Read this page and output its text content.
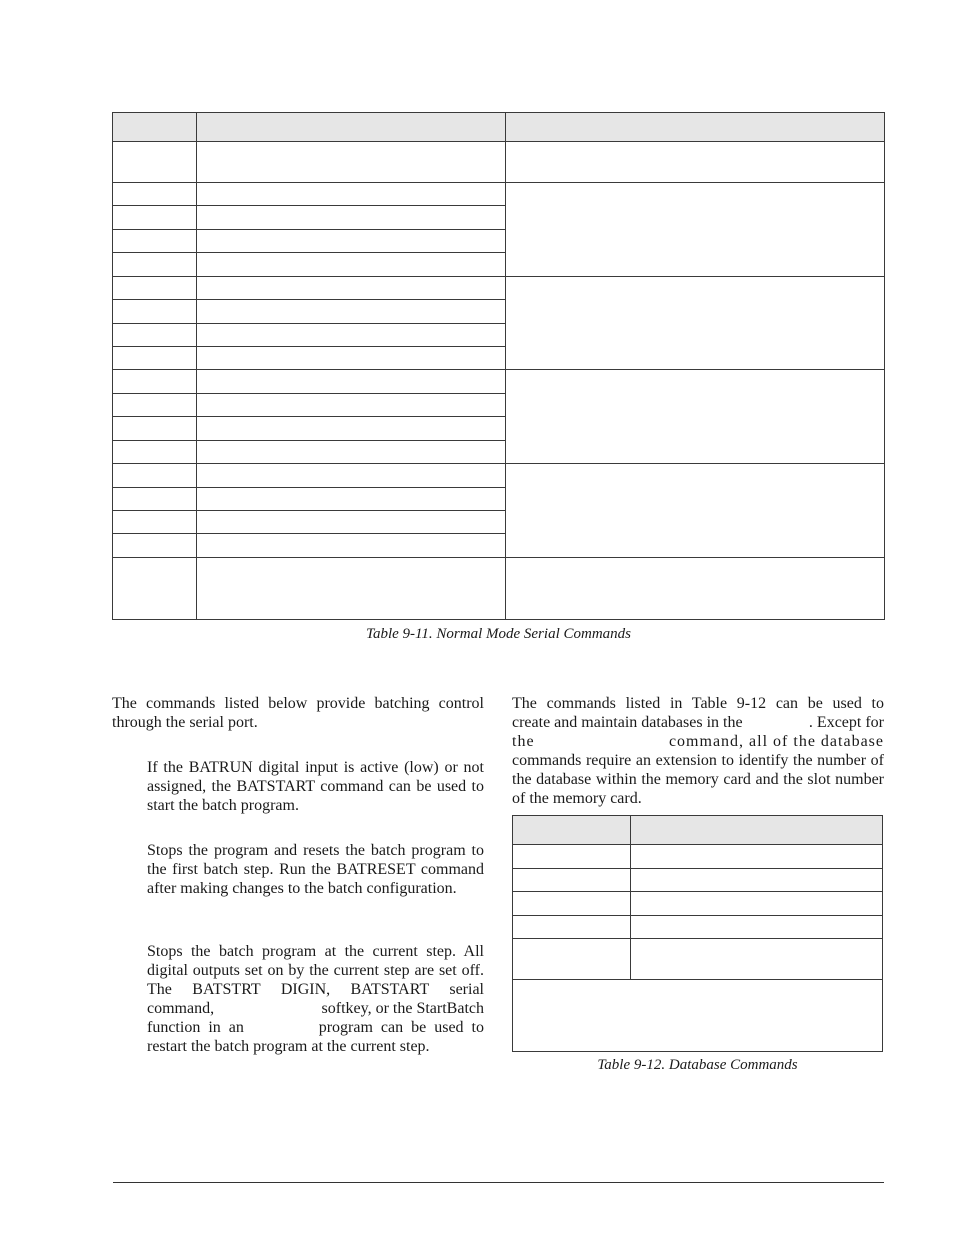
Table 9-11. Normal Mode Serial Commands
The commands listed below provide batching control through the serial port.
If the BATRUN digital input is active (low) or not assigned, the BATSTART command can be used to start the batch program.
Stops the program and resets the batch program to the first batch step. Run the BATRESET command after making changes to the batch configuration.
Stops the batch program at the current step. All digital outputs set on by the current step are set off. The BATSTRT DIGIN, BATSTART serial
command,	softkey, or the StartBatch
function in an	program can be used to
restart the batch program at the current step.
The commands listed in Table 9-12 can be used to
create and maintain databases in the	. Except for
the	command, all of the database
commands require an extension to identify the number of the database within the memory card and the slot number of the memory card.

Table 9-12. Database Commands
